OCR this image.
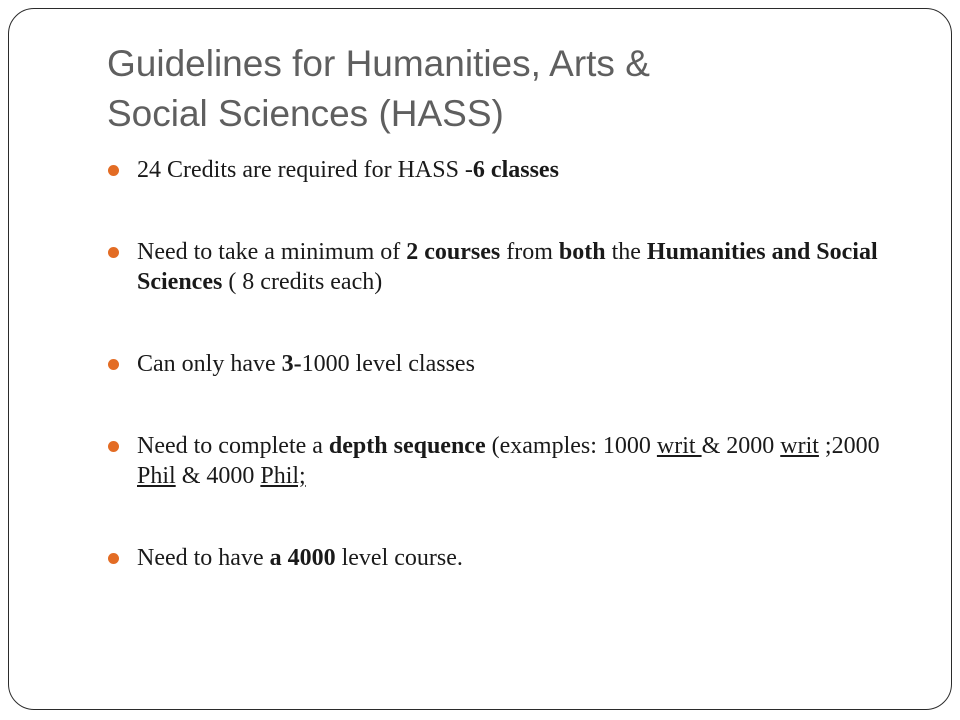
Guidelines for Humanities, Arts &
Social Sciences (HASS)
24 Credits are required for HASS -6 classes
Need to take a minimum of 2 courses from both the Humanities and Social Sciences ( 8 credits each)
Can only have 3-1000 level classes
Need to complete a depth sequence (examples: 1000 writ & 2000 writ ;2000 Phil & 4000 Phil;
Need to have a 4000 level course.
